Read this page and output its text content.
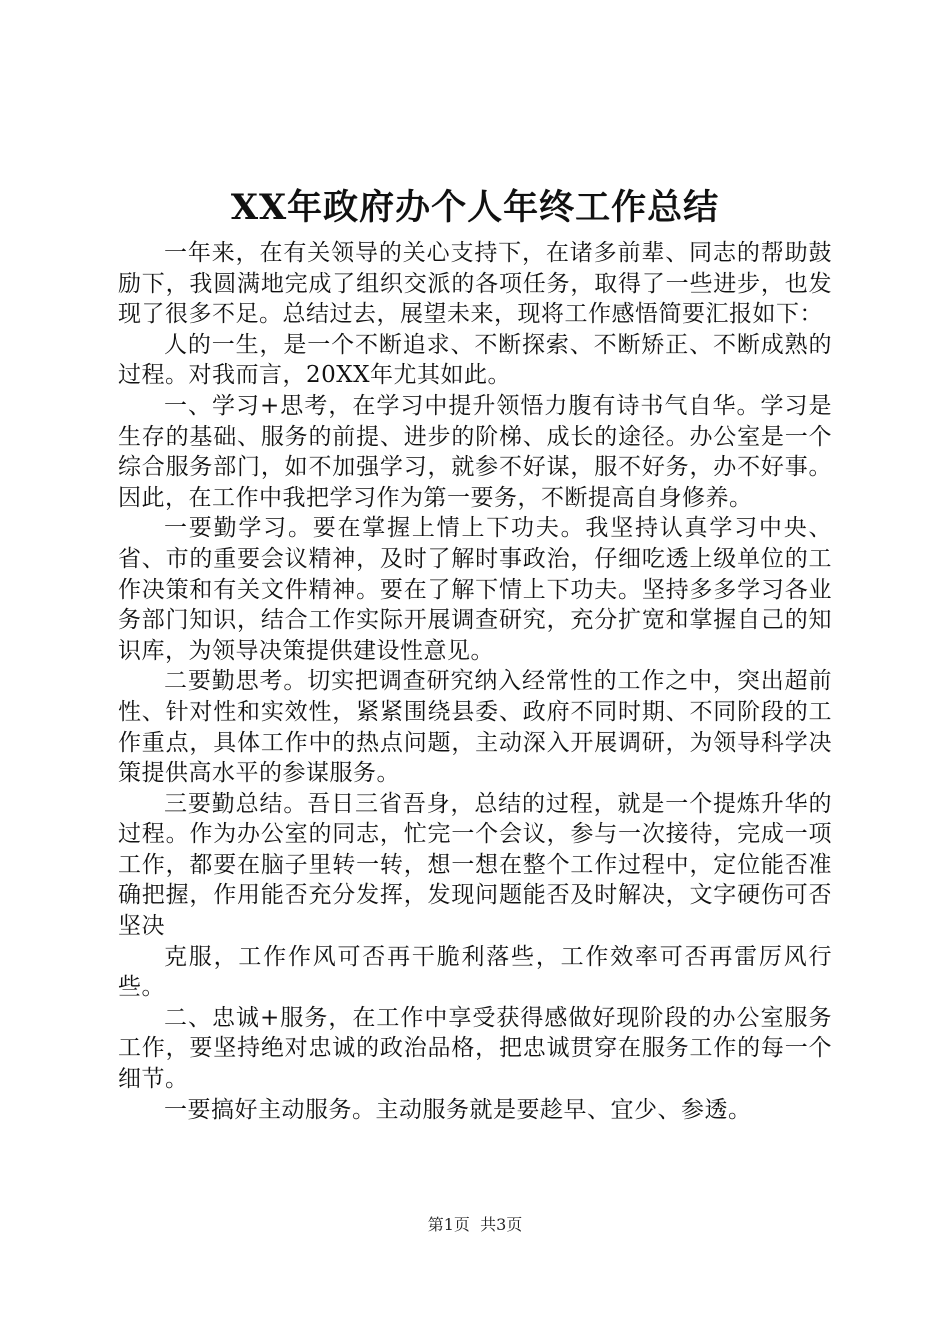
XX年政府办个人年终工作总结

一年来，在有关领导的关心支持下，在诸多前辈、同志的帮助鼓励下，我圆满地完成了组织交派的各项任务，取得了一些进步，也发现了很多不足。总结过去，展望未来，现将工作感悟简要汇报如下：

人的一生，是一个不断追求、不断探索、不断矫正、不断成熟的过程。对我而言，20XX年尤其如此。

一、学习+思考，在学习中提升领悟力腹有诗书气自华。学习是生存的基础、服务的前提、进步的阶梯、成长的途径。办公室是一个综合服务部门，如不加强学习，就参不好谋，服不好务，办不好事。因此，在工作中我把学习作为第一要务，不断提高自身修养。

一要勤学习。要在掌握上情上下功夫。我坚持认真学习中央、省、市的重要会议精神，及时了解时事政治，仔细吃透上级单位的工作决策和有关文件精神。要在了解下情上下功夫。坚持多多学习各业务部门知识，结合工作实际开展调查研究，充分扩宽和掌握自己的知识库，为领导决策提供建设性意见。

二要勤思考。切实把调查研究纳入经常性的工作之中，突出超前性、针对性和实效性，紧紧围绕县委、政府不同时期、不同阶段的工作重点，具体工作中的热点问题，主动深入开展调研，为领导科学决策提供高水平的参谋服务。

三要勤总结。吾日三省吾身，总结的过程，就是一个提炼升华的过程。作为办公室的同志，忙完一个会议，参与一次接待，完成一项工作，都要在脑子里转一转，想一想在整个工作过程中，定位能否准确把握，作用能否充分发挥，发现问题能否及时解决，文字硬伤可否坚决

克服，工作作风可否再干脆利落些，工作效率可否再雷厉风行些。

二、忠诚+服务，在工作中享受获得感做好现阶段的办公室服务工作，要坚持绝对忠诚的政治品格，把忠诚贯穿在服务工作的每一个细节。

一要搞好主动服务。主动服务就是要趁早、宜少、参透。

第1页 共3页
